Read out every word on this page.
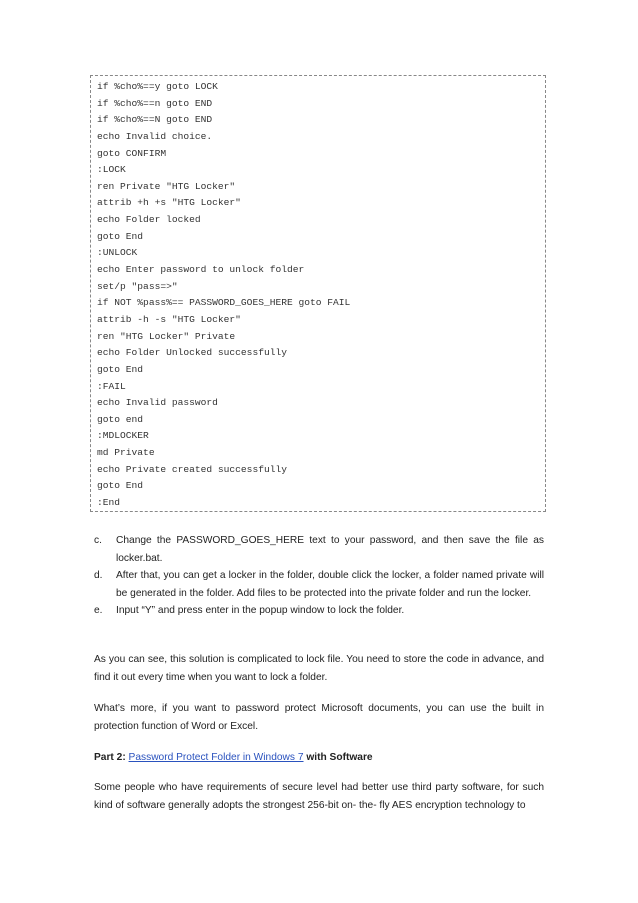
if %cho%==y goto LOCK
if %cho%==n goto END
if %cho%==N goto END
echo Invalid choice.
goto CONFIRM
:LOCK
ren Private "HTG Locker"
attrib +h +s "HTG Locker"
echo Folder locked
goto End
:UNLOCK
echo Enter password to unlock folder
set/p "pass=>"
if NOT %pass%== PASSWORD_GOES_HERE goto FAIL
attrib -h -s "HTG Locker"
ren "HTG Locker" Private
echo Folder Unlocked successfully
goto End
:FAIL
echo Invalid password
goto end
:MDLOCKER
md Private
echo Private created successfully
goto End
:End
c. Change the PASSWORD_GOES_HERE text to your password, and then save the file as locker.bat.
d. After that, you can get a locker in the folder, double click the locker, a folder named private will be generated in the folder. Add files to be protected into the private folder and run the locker.
e. Input “Y” and press enter in the popup window to lock the folder.
As you can see, this solution is complicated to lock file. You need to store the code in advance, and find it out every time when you want to lock a folder.
What’s more, if you want to password protect Microsoft documents, you can use the built in protection function of Word or Excel.
Part 2: Password Protect Folder in Windows 7 with Software
Some people who have requirements of secure level had better use third party software, for such kind of software generally adopts the strongest 256-bit on- the- fly AES encryption technology to
